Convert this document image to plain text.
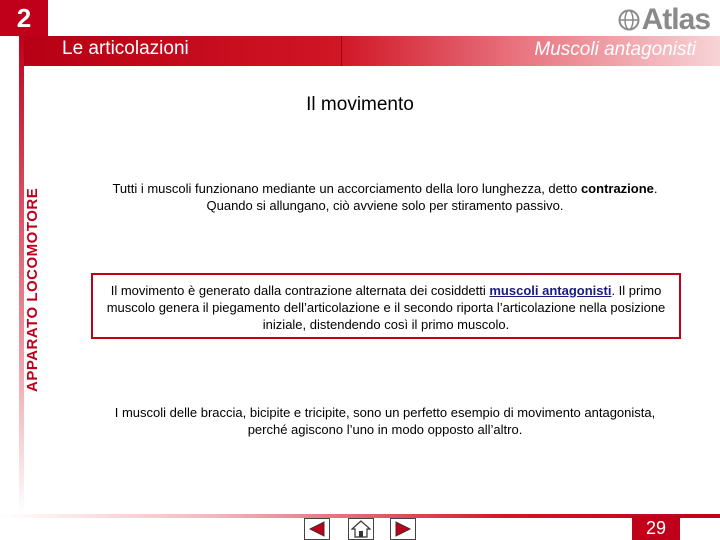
2
Le articolazioni	Muscoli antagonisti
Atlas
APPARATO LOCOMOTORE
Il movimento
Tutti i muscoli funzionano mediante un accorciamento della loro lunghezza, detto contrazione. Quando si allungano, ciò avviene solo per stiramento passivo.
Il movimento è generato dalla contrazione alternata dei cosiddetti muscoli antagonisti. Il primo muscolo genera il piegamento dell’articolazione e il secondo riporta l’articolazione nella posizione iniziale, distendendo così il primo muscolo.
I muscoli delle braccia, bicipite e tricipite, sono un perfetto esempio di movimento antagonista, perché agiscono l’uno in modo opposto all’altro.
29
